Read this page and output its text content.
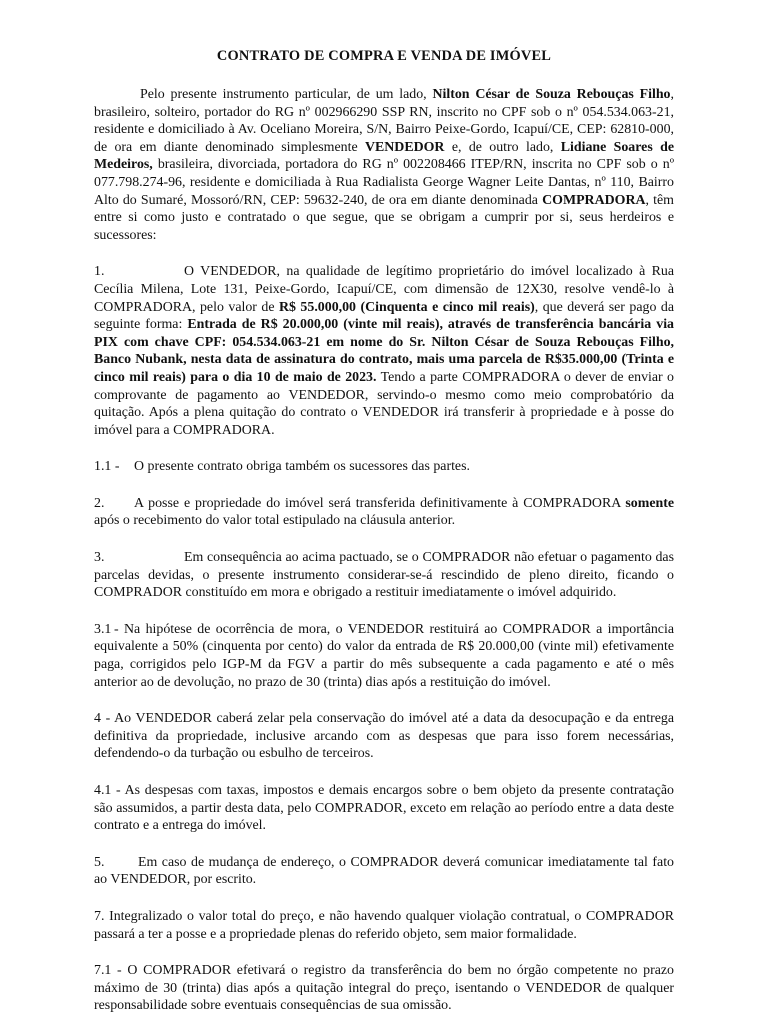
CONTRATO DE COMPRA E VENDA DE IMÓVEL

Pelo presente instrumento particular, de um lado, Nilton César de Souza Rebouças Filho, brasileiro, solteiro, portador do RG nº 002966290 SSP RN, inscrito no CPF sob o nº 054.534.063-21, residente e domiciliado à Av. Oceliano Moreira, S/N, Bairro Peixe-Gordo, Icapuí/CE, CEP: 62810-000, de ora em diante denominado simplesmente VENDEDOR e, de outro lado, Lidiane Soares de Medeiros, brasileira, divorciada, portadora do RG nº 002208466 ITEP/RN, inscrita no CPF sob o nº 077.798.274-96, residente e domiciliada à Rua Radialista George Wagner Leite Dantas, nº 110, Bairro Alto do Sumaré, Mossoró/RN, CEP: 59632-240, de ora em diante denominada COMPRADORA, têm entre si como justo e contratado o que segue, que se obrigam a cumprir por si, seus herdeiros e sucessores:

1.	O VENDEDOR, na qualidade de legítimo proprietário do imóvel localizado à Rua Cecília Milena, Lote 131, Peixe-Gordo, Icapuí/CE, com dimensão de 12X30, resolve vendê-lo à COMPRADORA, pelo valor de R$ 55.000,00 (Cinquenta e cinco mil reais), que deverá ser pago da seguinte forma: Entrada de R$ 20.000,00 (vinte mil reais), através de transferência bancária via PIX com chave CPF: 054.534.063-21 em nome do Sr. Nilton César de Souza Rebouças Filho, Banco Nubank, nesta data de assinatura do contrato, mais uma parcela de R$35.000,00 (Trinta e cinco mil reais) para o dia 10 de maio de 2023. Tendo a parte COMPRADORA o dever de enviar o comprovante de pagamento ao VENDEDOR, servindo-o mesmo como meio comprobatório da quitação. Após a plena quitação do contrato o VENDEDOR irá transferir à propriedade e à posse do imóvel para a COMPRADORA.

1.1 - O presente contrato obriga também os sucessores das partes.

2. A posse e propriedade do imóvel será transferida definitivamente à COMPRADORA somente após o recebimento do valor total estipulado na cláusula anterior.

3.	Em consequência ao acima pactuado, se o COMPRADOR não efetuar o pagamento das parcelas devidas, o presente instrumento considerar-se-á rescindido de pleno direito, ficando o COMPRADOR constituído em mora e obrigado a restituir imediatamente o imóvel adquirido.

3.1 - Na hipótese de ocorrência de mora, o VENDEDOR restituirá ao COMPRADOR a importância equivalente a 50% (cinquenta por cento) do valor da entrada de R$ 20.000,00 (vinte mil) efetivamente paga, corrigidos pelo IGP-M da FGV a partir do mês subsequente a cada pagamento e até o mês anterior ao de devolução, no prazo de 30 (trinta) dias após a restituição do imóvel.

4 - Ao VENDEDOR caberá zelar pela conservação do imóvel até a data da desocupação e da entrega definitiva da propriedade, inclusive arcando com as despesas que para isso forem necessárias, defendendo-o da turbação ou esbulho de terceiros.

4.1 - As despesas com taxas, impostos e demais encargos sobre o bem objeto da presente contratação são assumidos, a partir desta data, pelo COMPRADOR, exceto em relação ao período entre a data deste contrato e a entrega do imóvel.

5. Em caso de mudança de endereço, o COMPRADOR deverá comunicar imediatamente tal fato ao VENDEDOR, por escrito.

7. Integralizado o valor total do preço, e não havendo qualquer violação contratual, o COMPRADOR passará a ter a posse e a propriedade plenas do referido objeto, sem maior formalidade.

7.1 - O COMPRADOR efetivará o registro da transferência do bem no órgão competente no prazo máximo de 30 (trinta) dias após a quitação integral do preço, isentando o VENDEDOR de qualquer responsabilidade sobre eventuais consequências de sua omissão.
